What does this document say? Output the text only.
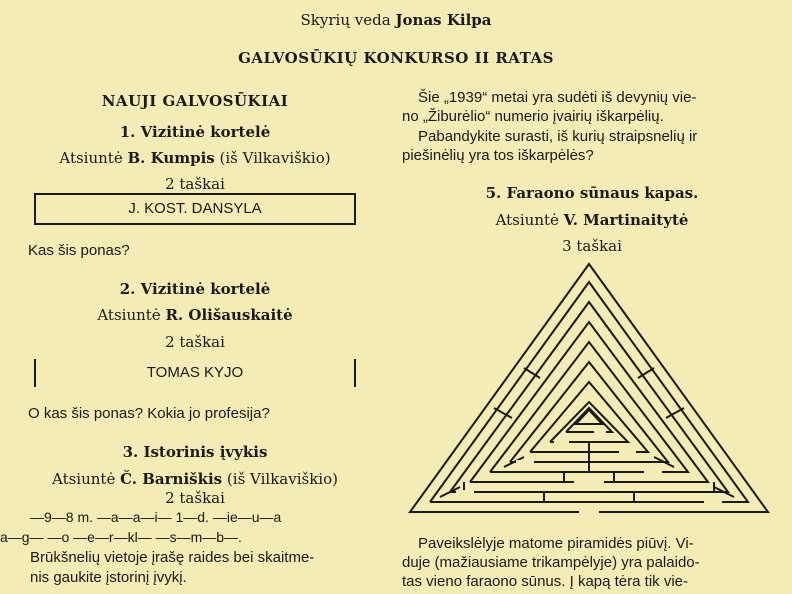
Skyrių veda Jonas Kilpa
GALVOSŪKIŲ KONKURSO II RATAS
NAUJI GALVOSŪKIAI
1. Vizitinė kortelė
Atsiuntė B. Kumpis (iš Vilkaviškio)
2 taškai
J. KOST. DANSYLA
Kas šis ponas?
2. Vizitinė kortelė
Atsiuntė R. Olišauskaitė
2 taškai
TOMAS KYJO
O kas šis ponas? Kokia jo profesija?
3. Istorinis įvykis
Atsiuntė Č. Barniškis (iš Vilkaviškio)
2 taškai
—9—8 m. —a—a—i— 1—d. —ie—u—a
a—g— —o —e—r—kl— —s—m—b—.
Brūkšnelių vietoje įrašę raides bei skaitme-
nis gaukite įstorinį įvykį.
Šie „1939“ metai yra sudėti iš devynių vie-
no „Žiburėlio“ numerio įvairių iškarpėlių.
Pabandykite surasti, iš kurių straipsnelių ir
piešinėlių yra tos iškarpėlės?
5. Faraono sūnaus kapas.
Atsiuntė V. Martinaitytė
3 taškai
Paveikslėlyje matome piramidės piūvį. Vi-
duje (mažiausiame trikampėlyje) yra palaido-
tas vieno faraono sūnus. Į kapą tėra tik vie-
